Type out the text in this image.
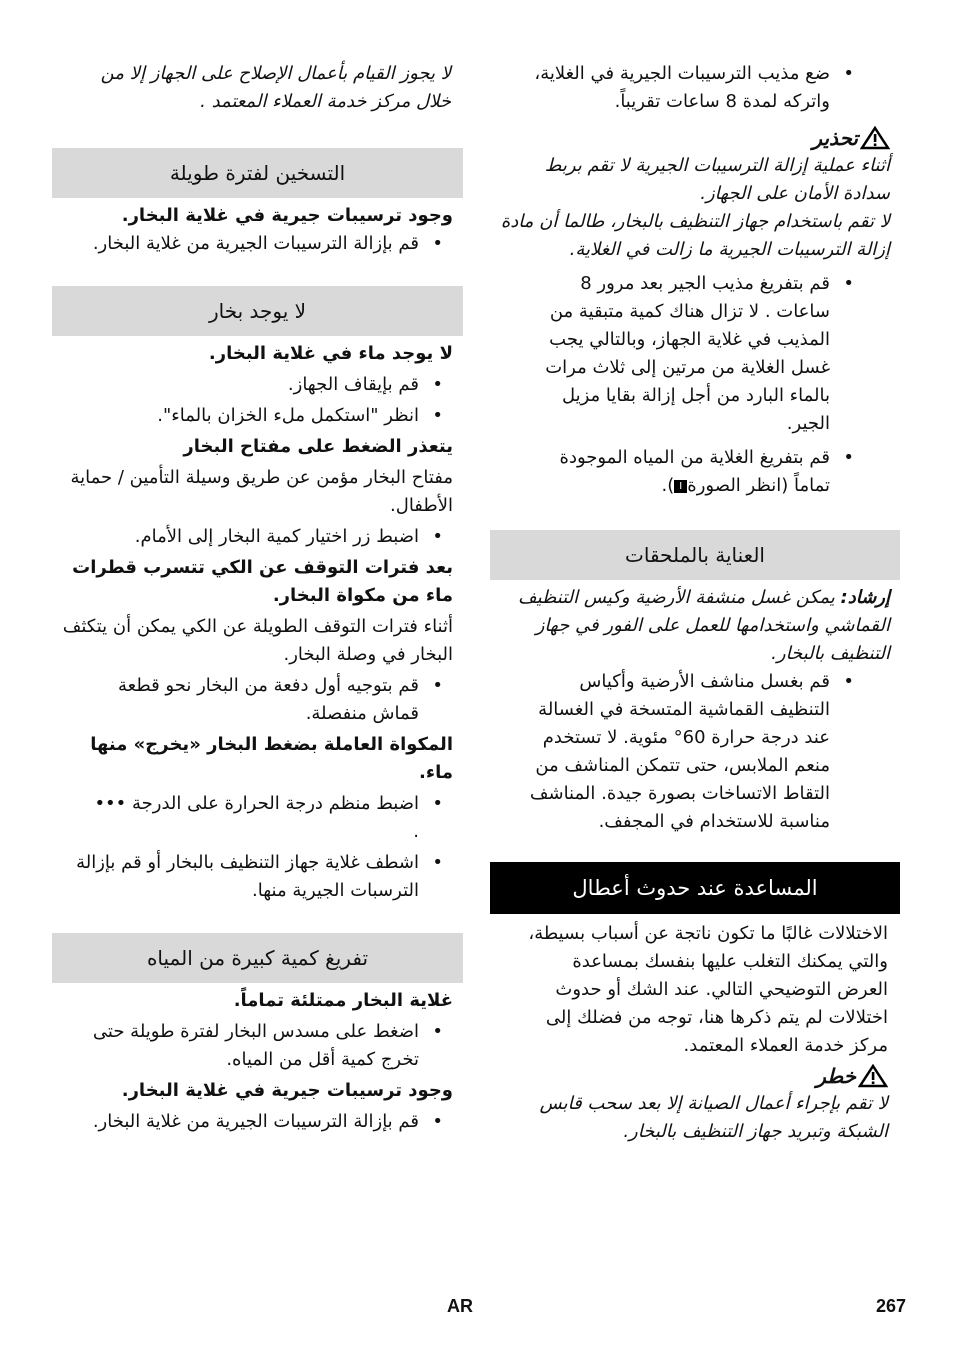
• ضع مذيب الترسيبات الجيرية في الغلاية، واتركه لمدة 8 ساعات تقريباً.
تحذير

أثناء عملية إزالة الترسيبات الجيرية لا تقم بربط سدادة الأمان على الجهاز.

لا تقم باستخدام جهاز التنظيف بالبخار، طالما أن مادة إزالة الترسيبات الجيرية ما زالت في الغلاية.

• قم بتفريغ مذيب الجير بعد مرور 8 ساعات . لا تزال هناك كمية متبقية من المذيب في غلاية الجهاز، وبالتالي يجب غسل الغلاية من مرتين إلى ثلاث مرات بالماء البارد من أجل إزالة بقايا مزيل الجير.
• قم بتفريغ الغلاية من المياه الموجودة تماماً (انظر الصورةI).
العناية بالملحقات

إرشاد: يمكن غسل منشفة الأرضية وكيس التنظيف القماشي واستخدامها للعمل على الفور في جهاز التنظيف بالبخار.

• قم بغسل مناشف الأرضية وأكياس التنظيف القماشية المتسخة في الغسالة عند درجة حرارة 60° مئوية. لا تستخدم منعم الملابس، حتى تتمكن المناشف من التقاط الاتساخات بصورة جيدة. المناشف مناسبة للاستخدام في المجفف.
المساعدة عند حدوث أعطال

الاختلالات غالبًا ما تكون ناتجة عن أسباب بسيطة، والتي يمكنك التغلب عليها بنفسك بمساعدة العرض التوضيحي التالي. عند الشك أو حدوث اختلالات لم يتم ذكرها هنا، توجه من فضلك إلى مركز خدمة العملاء المعتمد.

خطر

لا تقم بإجراء أعمال الصيانة إلا بعد سحب قابس الشبكة وتبريد جهاز التنظيف بالبخار.

لا يجوز القيام بأعمال الإصلاح على الجهاز إلا من خلال مركز خدمة العملاء المعتمد .

التسخين لفترة طويلة

وجود ترسيبات جيرية في غلاية البخار.

• قم بإزالة الترسيبات الجيرية من غلاية البخار.
لا يوجد بخار

لا يوجد ماء في غلاية البخار.

• قم بإيقاف الجهاز.
• انظر "استكمل ملء الخزان بالماء".

يتعذر الضغط على مفتاح البخار

مفتاح البخار مؤمن عن طريق وسيلة التأمين / حماية الأطفال.

• اضبط زر اختيار كمية البخار إلى الأمام.

بعد فترات التوقف عن الكي تتسرب قطرات ماء من مكواة البخار.

أثناء فترات التوقف الطويلة عن الكي يمكن أن يتكثف البخار في وصلة البخار.

• قم بتوجيه أول دفعة من البخار نحو قطعة قماش منفصلة.

المكواة العاملة بضغط البخار «يخرج» منها ماء.

• اضبط منظم درجة الحرارة على الدرجة ••• .
• اشطف غلاية جهاز التنظيف بالبخار أو قم بإزالة الترسبات الجيرية منها.
تفريغ كمية كبيرة من المياه

غلاية البخار ممتلئة تماماً.

• اضغط على مسدس البخار لفترة طويلة حتى تخرج كمية أقل من المياه.

وجود ترسيبات جيرية في غلاية البخار.

• قم بإزالة الترسيبات الجيرية من غلاية البخار.
AR	267
